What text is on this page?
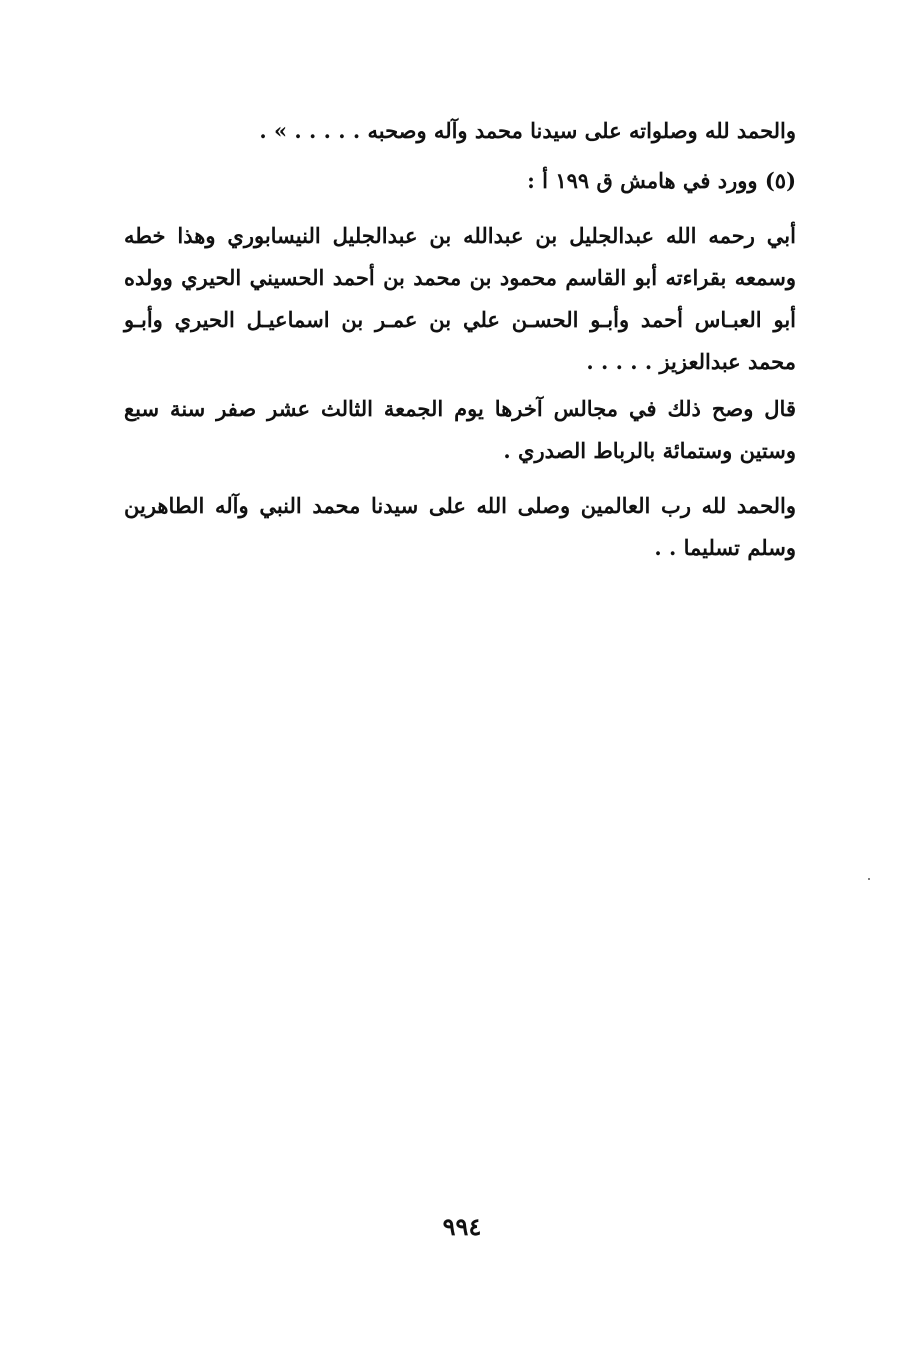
والحمد لله وصلواته على سيدنا محمد وآله وصحبه . . . . . » .

(٥) وورد في هامش ق ١٩٩ أ :

أبي رحمه الله عبدالجليل بن عبدالله بن عبدالجليل النيسابوري وهذا خطه وسمعه بقراءته أبو القاسم محمود بن محمد بن أحمد الحسيني الحيري وولده أبو العبـاس أحمد وأبـو الحسـن علي بن عمـر بن اسماعيـل الحيري وأبـو محمد عبدالعزيز . . . . .

قال وصح ذلك في مجالس آخرها يوم الجمعة الثالث عشر صفر سنة سبع وستين وستمائة بالرباط الصدري .

والحمد لله رب العالمين وصلى الله على سيدنا محمد النبي وآله الطاهرين وسلم تسليما . .

٩٩٤
